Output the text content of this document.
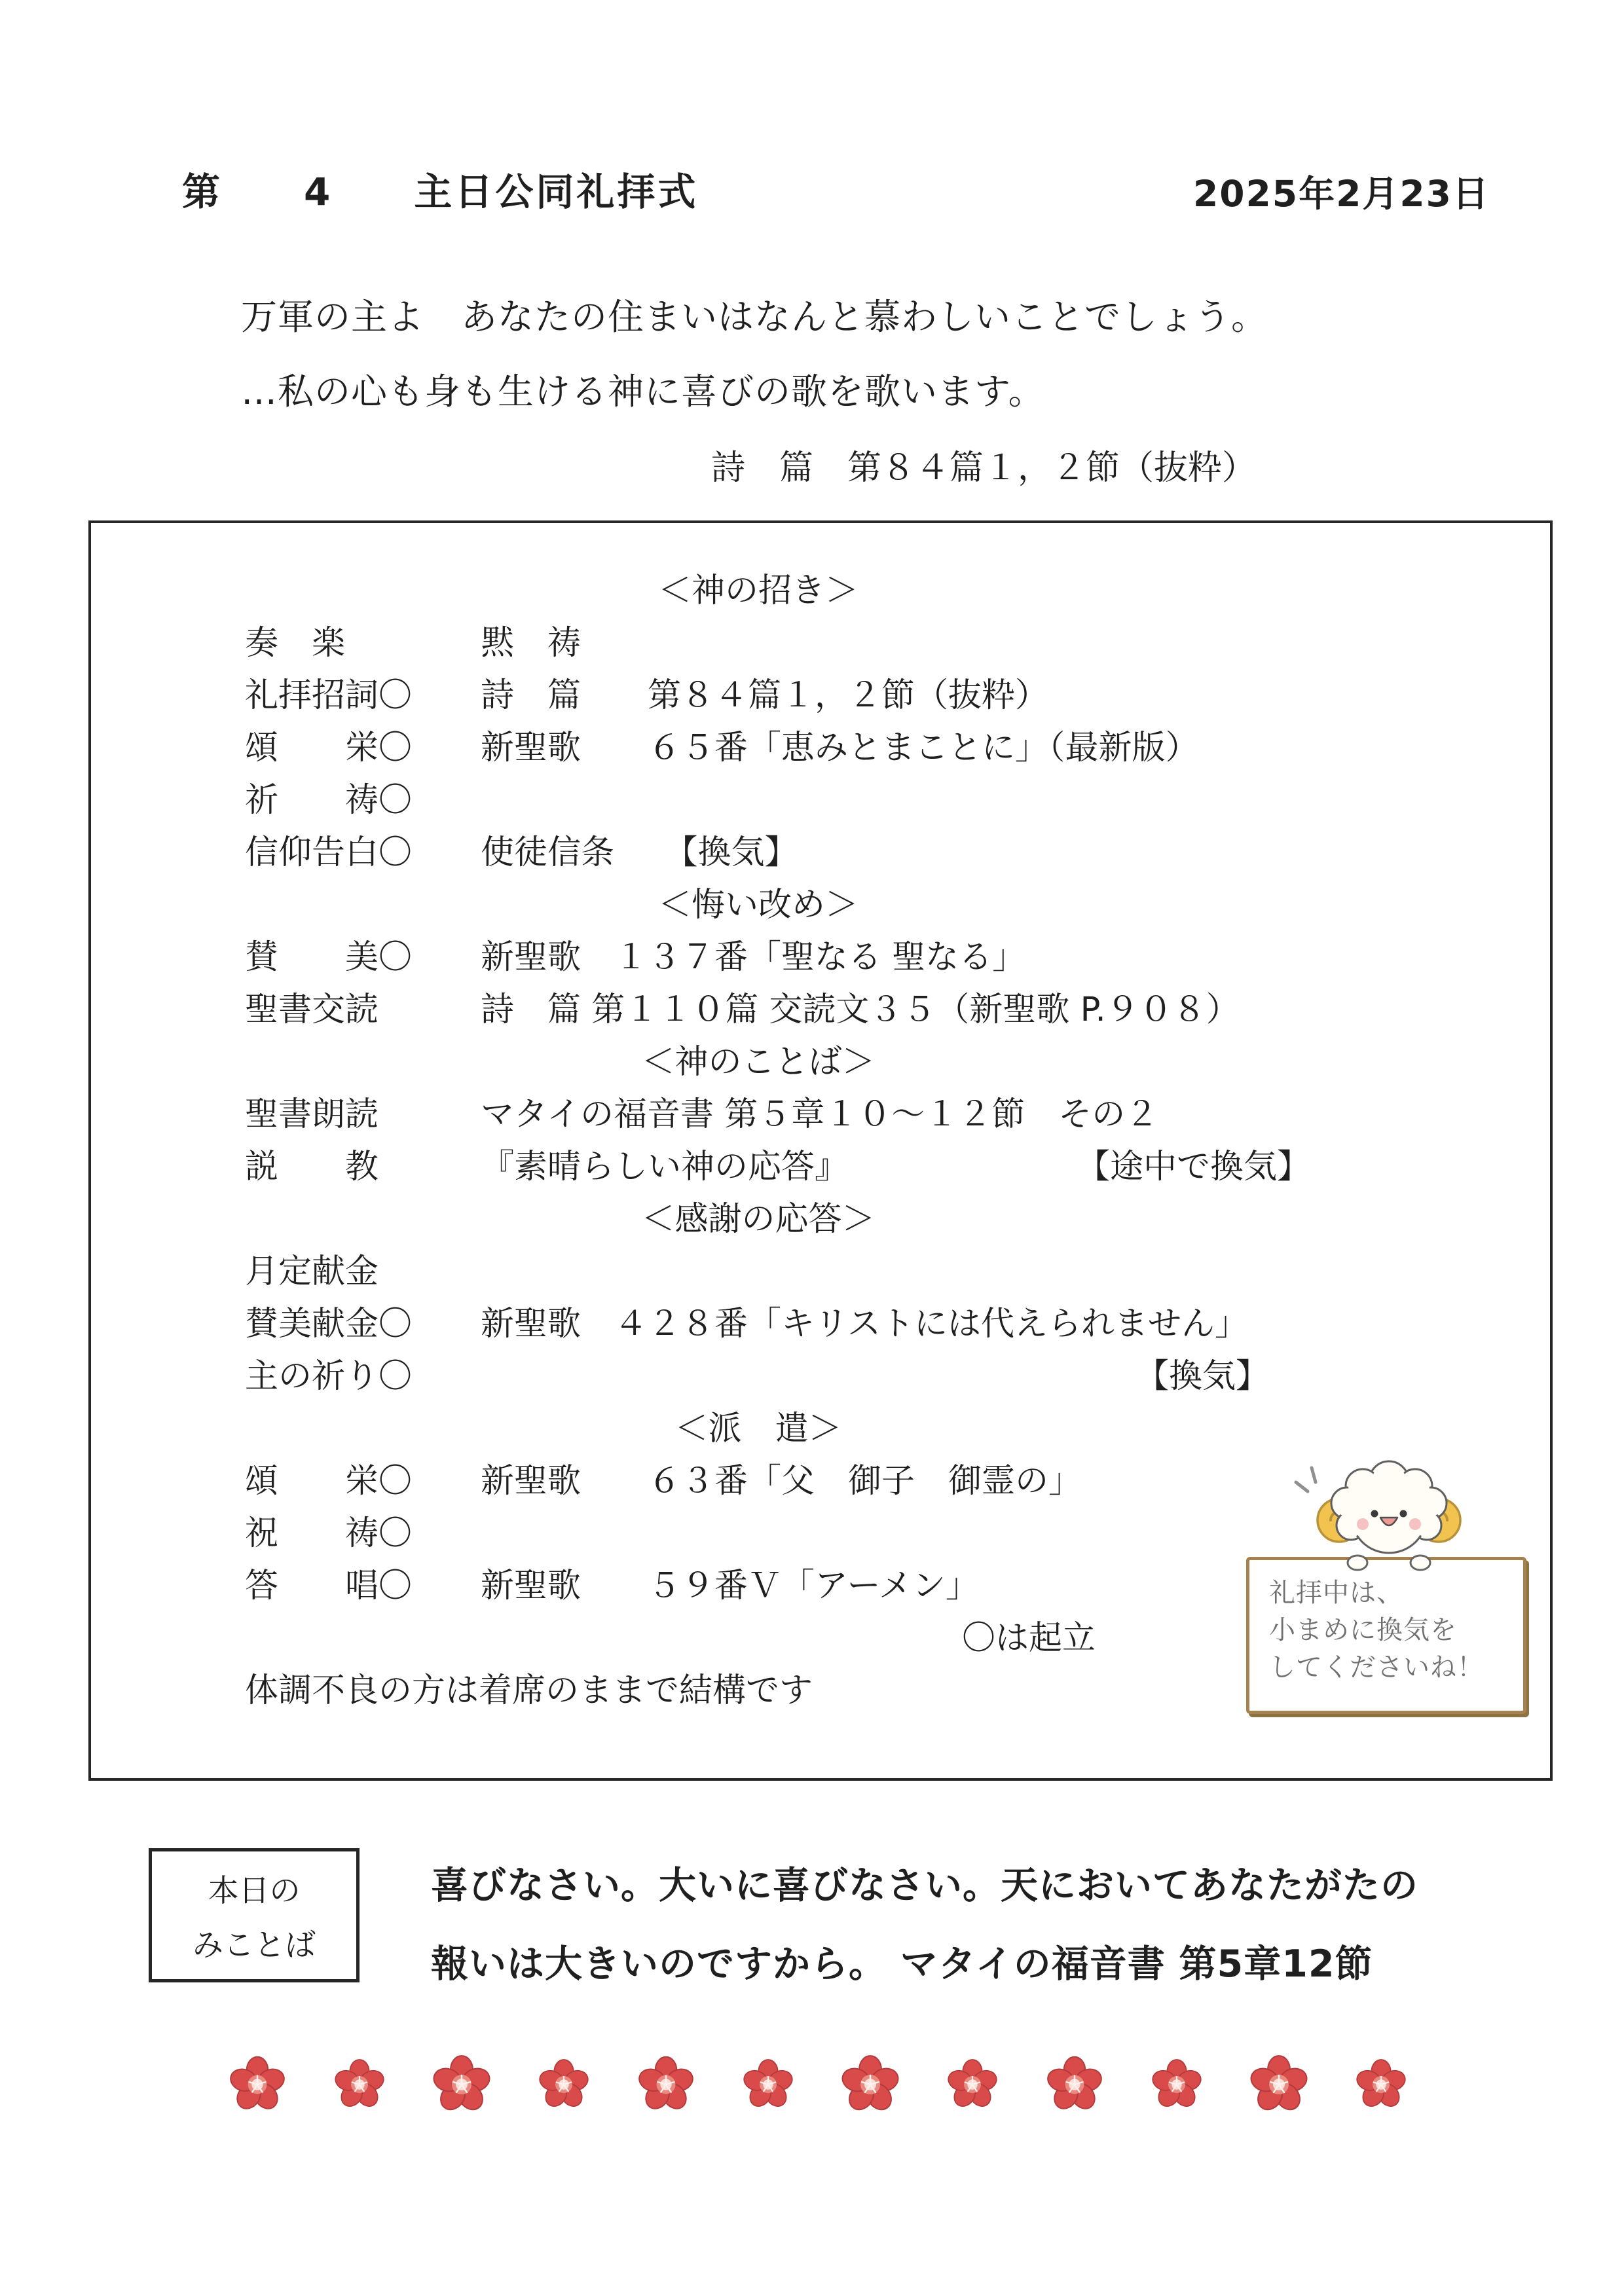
第　　4　　主日公同礼拝式	2025年2月23日
万軍の主よ　あなたの住まいはなんと慕わしいことでしょう。
…私の心も身も生ける神に喜びの歌を歌います。
詩　篇　第８４篇１，２節（抜粋）
＜神の招き＞
奏　楽	黙　祷
礼拝招詞〇 詩　篇　　第８４篇１，２節（抜粋）
頌　　栄〇 新聖歌　　６５番「恵みとまことに」（最新版）
祈　　祷〇
信仰告白〇 使徒信条　　【換気】
＜悔い改め＞
賛　　美〇 新聖歌　１３７番「聖なる 聖なる」
聖書交読	詩　篇 第１１０篇 交読文３５（新聖歌 P.９０８）
＜神のことば＞
聖書朗読	マタイの福音書 第５章１０～１２節　その２
説　　教	『素晴らしい神の応答』	【途中で換気】
＜感謝の応答＞
月定献金
賛美献金〇 新聖歌　４２８番「キリストには代えられません」
主の祈り〇	【換気】
＜派　遣＞
頌　　栄〇 新聖歌　　６３番「父　御子　御霊の」
祝　　祷〇
答　　唱〇 新聖歌　　５９番Ｖ「アーメン」
〇は起立
体調不良の方は着席のままで結構です
礼拝中は、
小まめに換気を
してくださいね！
本日の
みことば
喜びなさい。大いに喜びなさい。天においてあなたがたの
報いは大きいのですから。 マタイの福音書 第5章12節
